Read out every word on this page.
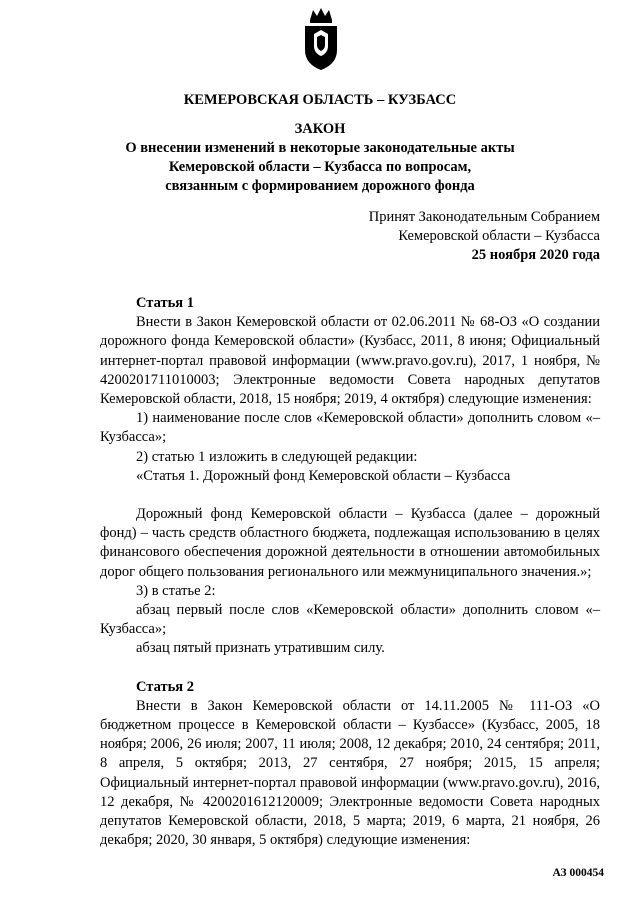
КЕМЕРОВСКАЯ ОБЛАСТЬ – КУЗБАСС
ЗАКОН
О внесении изменений в некоторые законодательные акты
Кемеровской области – Кузбасса по вопросам,
связанным с формированием дорожного фонда
Принят Законодательным Собранием
Кемеровской области – Кузбасса
25 ноября 2020 года
Статья 1

Внести в Закон Кемеровской области от 02.06.2011 № 68-ОЗ «О создании дорожного фонда Кемеровской области» (Кузбасс, 2011, 8 июня; Официальный интернет-портал правовой информации (www.pravo.gov.ru), 2017, 1 ноября, № 4200201711010003; Электронные ведомости Совета народных депутатов Кемеровской области, 2018, 15 ноября; 2019, 4 октября) следующие изменения:

1) наименование после слов «Кемеровской области» дополнить словом «– Кузбасса»;

2) статью 1 изложить в следующей редакции:

«Статья 1. Дорожный фонд Кемеровской области – Кузбасса

Дорожный фонд Кемеровской области – Кузбасса (далее – дорожный фонд) – часть средств областного бюджета, подлежащая использованию в целях финансового обеспечения дорожной деятельности в отношении автомобильных дорог общего пользования регионального или межмуниципального значения.»;

3) в статье 2:

абзац первый после слов «Кемеровской области» дополнить словом «– Кузбасса»;

абзац пятый признать утратившим силу.

Статья 2

Внести в Закон Кемеровской области от 14.11.2005 № 111-ОЗ «О бюджетном процессе в Кемеровской области – Кузбассе» (Кузбасс, 2005, 18 ноября; 2006, 26 июля; 2007, 11 июля; 2008, 12 декабря; 2010, 24 сентября; 2011, 8 апреля, 5 октября; 2013, 27 сентября, 27 ноября; 2015, 15 апреля; Официальный интернет-портал правовой информации (www.pravo.gov.ru), 2016, 12 декабря, № 4200201612120009; Электронные ведомости Совета народных депутатов Кемеровской области, 2018, 5 марта; 2019, 6 марта, 21 ноября, 26 декабря; 2020, 30 января, 5 октября) следующие изменения:

АЗ 000454
